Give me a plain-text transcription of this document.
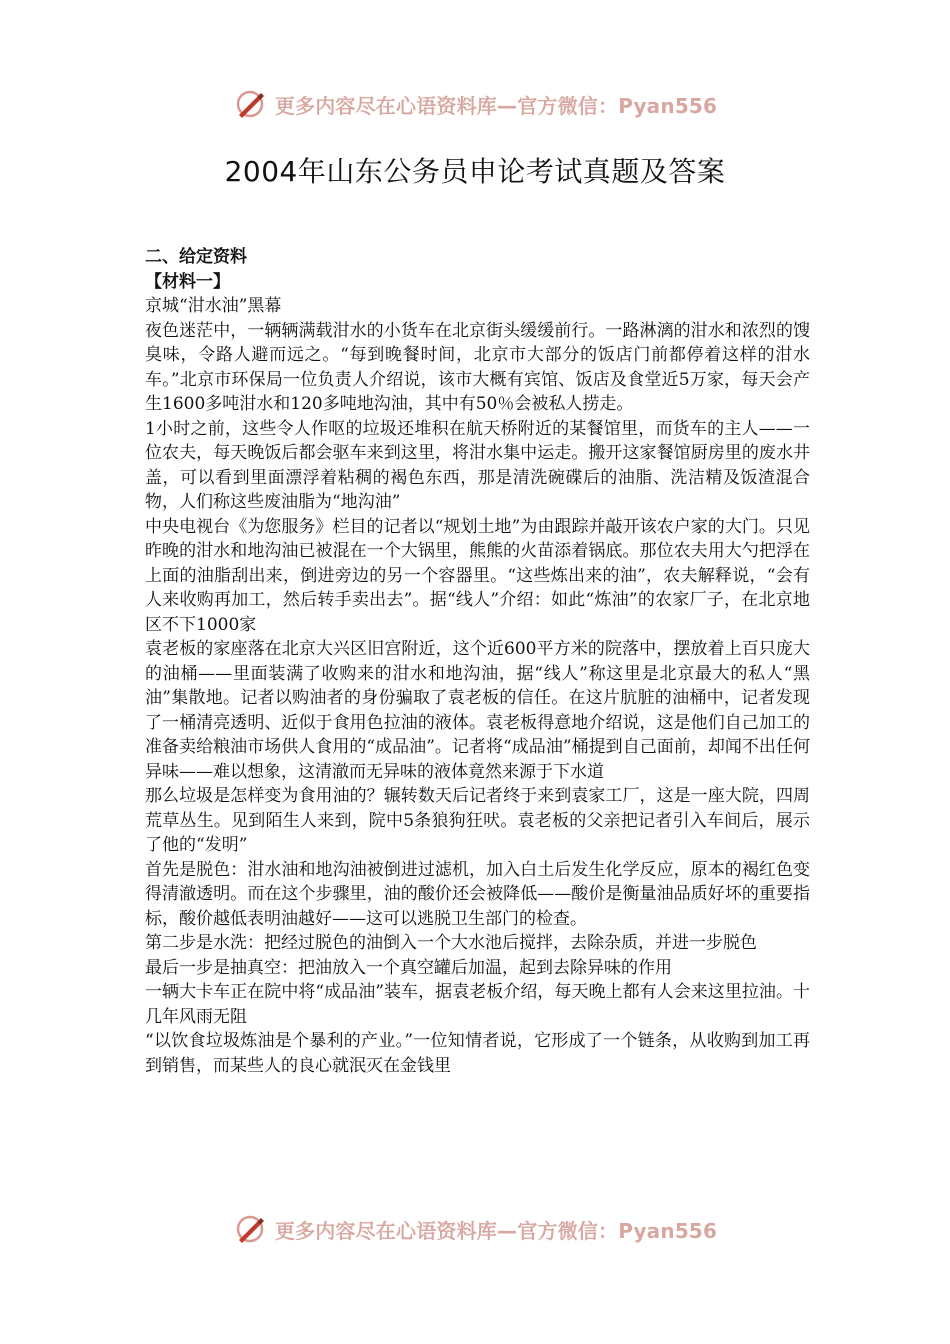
更多内容尽在心语资料库—官方微信：Pyan556
2004年山东公务员申论考试真题及答案

二、给定资料

【材料一】

京城“泔水油”黑幕

夜色迷茫中，一辆辆满载泔水的小货车在北京街头缓缓前行。一路淋漓的泔水和浓烈的馊臭味，令路人避而远之。“每到晚餐时间，北京市大部分的饭店门前都停着这样的泔水车。”北京市环保局一位负责人介绍说，该市大概有宾馆、饭店及食堂近5万家，每天会产生1600多吨泔水和120多吨地沟油，其中有50％会被私人捞走。

1小时之前，这些令人作呕的垃圾还堆积在航天桥附近的某餐馆里，而货车的主人——一位农夫，每天晚饭后都会驱车来到这里，将泔水集中运走。搬开这家餐馆厨房里的废水井盖，可以看到里面漂浮着粘稠的褐色东西，那是清洗碗碟后的油脂、洗洁精及饭渣混合物，人们称这些废油脂为“地沟油”

中央电视台《为您服务》栏目的记者以“规划土地”为由跟踪并敲开该农户家的大门。只见昨晚的泔水和地沟油已被混在一个大锅里，熊熊的火苗添着锅底。那位农夫用大勺把浮在上面的油脂刮出来，倒进旁边的另一个容器里。“这些炼出来的油”，农夫解释说，“会有人来收购再加工，然后转手卖出去”。据“线人”介绍：如此“炼油”的农家厂子，在北京地区不下1000家

袁老板的家座落在北京大兴区旧宫附近，这个近600平方米的院落中，摆放着上百只庞大的油桶——里面装满了收购来的泔水和地沟油，据“线人”称这里是北京最大的私人“黑油”集散地。记者以购油者的身份骗取了袁老板的信任。在这片肮脏的油桶中，记者发现了一桶清亮透明、近似于食用色拉油的液体。袁老板得意地介绍说，这是他们自己加工的准备卖给粮油市场供人食用的“成品油”。记者将“成品油”桶提到自己面前，却闻不出任何异味——难以想象，这清澈而无异味的液体竟然来源于下水道

那么垃圾是怎样变为食用油的？辗转数天后记者终于来到袁家工厂，这是一座大院，四周荒草丛生。见到陌生人来到，院中5条狼狗狂吠。袁老板的父亲把记者引入车间后，展示了他的“发明”

首先是脱色：泔水油和地沟油被倒进过滤机，加入白土后发生化学反应，原本的褐红色变得清澈透明。而在这个步骤里，油的酸价还会被降低——酸价是衡量油品质好坏的重要指标，酸价越低表明油越好——这可以逃脱卫生部门的检查。

第二步是水洗：把经过脱色的油倒入一个大水池后搅拌，去除杂质，并进一步脱色

最后一步是抽真空：把油放入一个真空罐后加温，起到去除异味的作用

一辆大卡车正在院中将“成品油”装车，据袁老板介绍，每天晚上都有人会来这里拉油。十几年风雨无阻

“以饮食垃圾炼油是个暴利的产业。”一位知情者说，它形成了一个链条，从收购到加工再到销售，而某些人的良心就泯灭在金钱里

更多内容尽在心语资料库—官方微信：Pyan556
